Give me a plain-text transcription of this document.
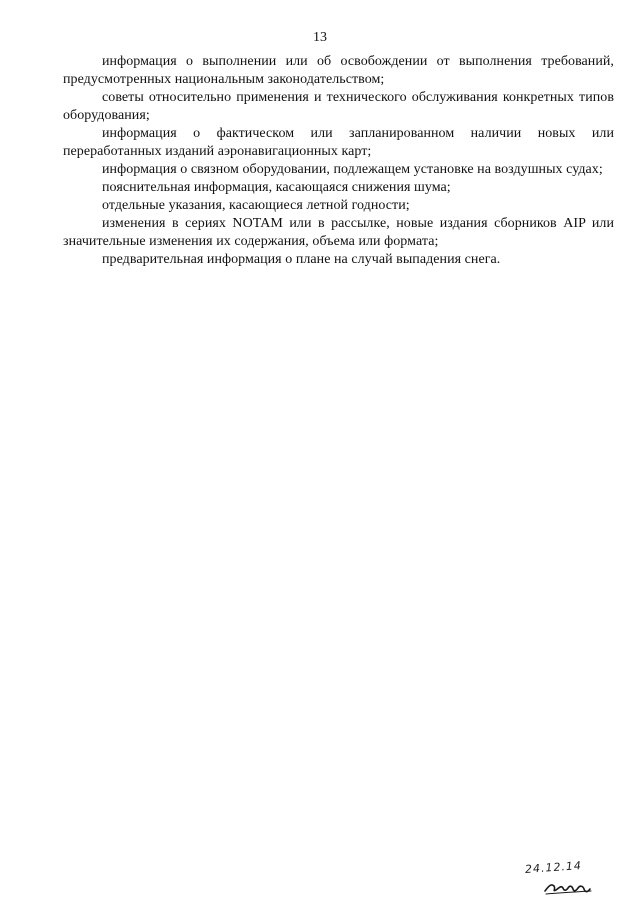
13

информация о выполнении или об освобождении от выполнения требований, предусмотренных национальным законодательством;

советы относительно применения и технического обслуживания конкретных типов оборудования;

информация о фактическом или запланированном наличии новых или переработанных изданий аэронавигационных карт;

информация о связном оборудовании, подлежащем установке на воздушных судах;

пояснительная информация, касающаяся снижения шума;

отдельные указания, касающиеся летной годности;

изменения в сериях NOTAM или в рассылке, новые издания сборников AIP или значительные изменения их содержания, объема или формата;

предварительная информация о плане на случай выпадения снега.

24.12.14
